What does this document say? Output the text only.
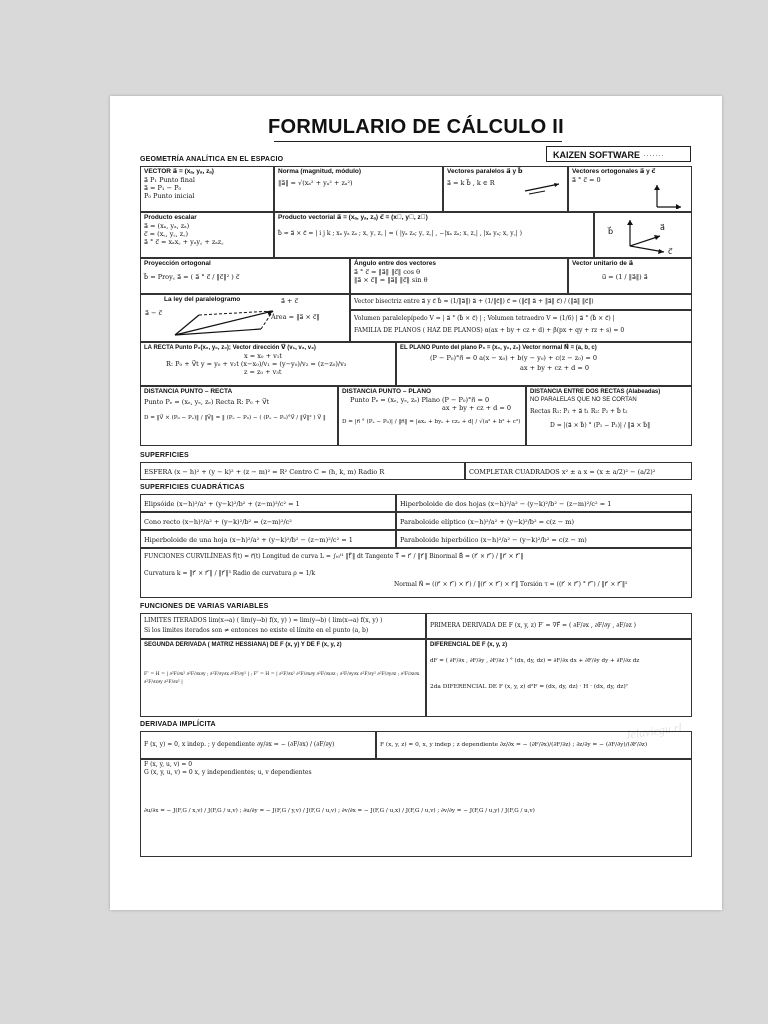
FORMULARIO DE CÁLCULO II
KAIZEN SOFTWARE ·······
GEOMETRÍA ANALÍTICA EN EL ESPACIO
VECTOR a⃗ = (xₐ, yₐ, zₐ)
a⃗ P₁ Punto final
a⃗ = P₁ − P₀
P₀ Punto inicial
Norma (magnitud, módulo)
‖a⃗‖ = √(xₐ² + yₐ² + zₐ²)
Vectores paralelos a⃗ y b⃗
a⃗ = k b⃗ , k ∈ R
Vectores ortogonales a⃗ y c⃗
a⃗ ° c⃗ = 0
Producto escalar
a⃗ = (xₐ, yₐ, zₐ)
c⃗ = (x꜀, y꜀, z꜀)
a⃗ ° c⃗ = xₐx꜀ + yₐy꜀ + zₐz꜀
Producto vectorial a⃗ = (xₐ, yₐ, zₐ) c⃗ = (x꜀, y꜀, z꜀)
b⃗ = a⃗ × c⃗ = | i j k ; xₐ yₐ zₐ ; x꜀ y꜀ z꜀ | = ( |yₐ zₐ; y꜀ z꜀| , −|xₐ zₐ; x꜀ z꜀| , |xₐ yₐ; x꜀ y꜀| )	b⃗	a⃗
c⃗
Proyección ortogonal
b⃗ = Proy꜀ a⃗ = ( a⃗ ° c⃗ / ‖c⃗‖² ) c⃗
Ángulo entre dos vectores
a⃗ ° c⃗ = ‖a⃗‖ ‖c⃗‖ cos θ
‖a⃗ × c⃗‖ = ‖a⃗‖ ‖c⃗‖ sin θ
Vector unitario de a⃗
u⃗ = (1 / ‖a⃗‖) a⃗
La ley del paralelogramo	a⃗ + c⃗
a⃗ − c⃗	Área = ‖a⃗ × c⃗‖
Vector bisectriz entre a⃗ y c⃗ b⃗ = (1/‖a⃗‖) a⃗ + (1/‖c⃗‖) c⃗ = (‖c⃗‖ a⃗ + ‖a⃗‖ c⃗) / (‖a⃗‖ ‖c⃗‖)
Volumen paralelepípedo V = | a⃗ ° (b⃗ × c⃗) | ; Volumen tetraedro V = (1/6) | a⃗ ° (b⃗ × c⃗) |
FAMILIA DE PLANOS ( HAZ DE PLANOS) α(ax + by + cz + d) + β(px + qy + rz + s) = 0
LA RECTA Punto P₀(x₀, y₀, z₀); Vector dirección V⃗ (v₁, v₂, v₃)
x = x₀ + v₁t
R: P₀ + V⃗t y = y₀ + v₂t (x−x₀)/v₁ = (y−y₀)/v₂ = (z−z₀)/v₃
z = z₀ + v₃t
EL PLANO Punto del plano P₀ = (x₀, y₀, z₀) Vector normal N⃗ = (a, b, c)
(P − P₀)°n⃗ = 0 a(x − x₀) + b(y − y₀) + c(z − z₀) = 0
ax + by + cz + d = 0
DISTANCIA PUNTO – RECTA
Punto Pₑ = (xₑ, yₑ, zₑ) Recta R: P₀ + V⃗t
D = ‖V⃗ × (P₀ − Pₑ)‖ / ‖V⃗‖ = ‖ (Pₑ − P₀) − ( (Pₑ − P₀)°V⃗ / ‖V⃗‖² ) V⃗ ‖
DISTANCIA PUNTO – PLANO
Punto Pₑ = (xₑ, yₑ, zₑ) Plano (P − P₀)°n⃗ = 0
ax + by + cz + d = 0
D = |n⃗ ° (Pₑ − P₀)| / ‖n⃗‖ = |axₑ + byₑ + czₑ + d| / √(a² + b² + c²)
DISTANCIA ENTRE DOS RECTAS (Alabeadas)
NO PARALELAS QUE NO SE CORTAN
Rectas R₁: P₁ + a⃗ t₁ R₂: P₂ + b⃗ t₂
D = |(a⃗ × b⃗) ° (P₁ − P₂)| / ‖a⃗ × b⃗‖
SUPERFICIES
ESFERA (x − h)² + (y − k)² + (z − m)² = R² Centro C = (h, k, m) Radio R	COMPLETAR CUADRADOS x² ± a x = (x ± a/2)² − (a/2)²
SUPERFICIES CUADRÁTICAS
Elipsóide (x−h)²/a² + (y−k)²/b² + (z−m)²/c² = 1	Hiperboloide de dos hojas (x−h)²/a² − (y−k)²/b² − (z−m)²/c² = 1
Cono recto (x−h)²/a² + (y−k)²/b² = (z−m)²/c²	Paraboloide elíptico (x−h)²/a² + (y−k)²/b² = c(z − m)
Hiperboloide de una hoja (x−h)²/a² + (y−k)²/b² − (z−m)²/c² = 1	Paraboloide hiperbólico (x−h)²/a² − (y−k)²/b² = c(z − m)
FUNCIONES CURVILÍNEAS f⃗(t) = r⃗(t) Longitud de curva L = ∫ₜ₀ᵗ¹ ‖f⃗′‖ dt Tangente T⃗ = r⃗′ / ‖r⃗′‖ Binormal B⃗ = (r⃗′ × r⃗″) / ‖r⃗′ × r⃗″‖
Curvatura k = ‖r⃗′ × r⃗″‖ / ‖r⃗′‖³ Radio de curvatura ρ = 1/k
Normal N⃗ = ((r⃗′ × r⃗″) × r⃗′) / ‖(r⃗′ × r⃗″) × r⃗′‖ Torsión τ = ((r⃗′ × r⃗″) ° r⃗‴) / ‖r⃗′ × r⃗″‖²
FUNCIONES DE VARIAS VARIABLES
LIMITES ITERADOS lim(x→a) ( lim(y→b) f(x, y) ) = lim(y→b) ( lim(x→a) f(x, y) )
Si los límites iterados son ≠ entonces no existe el límite en el punto (a, b)
PRIMERA DERIVADA DE F (x, y, z) F′ = ∇F⃗ = ( ∂F/∂x , ∂F/∂y , ∂F/∂z )
SEGUNDA DERIVADA ( MATRIZ HESSIANA) DE F (x, y) Y DE F (x, y, z)
F″ = H = | ∂²F/∂x² ∂²F/∂x∂y ; ∂²F/∂y∂x ∂²F/∂y² | ; F″ = H = | ∂²F/∂x² ∂²F/∂x∂y ∂²F/∂x∂z ; ∂²F/∂y∂x ∂²F/∂y² ∂²F/∂y∂z ; ∂²F/∂z∂x ∂²F/∂z∂y ∂²F/∂z² |
DIFERENCIAL DE F (x, y, z)
dF = ( ∂F/∂x , ∂F/∂y , ∂F/∂z ) ° (dx, dy, dz) = ∂F/∂x dx + ∂F/∂y dy + ∂F/∂z dz
2da DIFERENCIAL DE F (x, y, z) d²F = (dx, dy, dz) · H · (dx, dy, dz)ᵀ
DERIVADA IMPLÍCITA
F (x, y) = 0, x indep. ; y dependiente ∂y/∂x = − (∂F/∂x) / (∂F/∂y)	F (x, y, z) = 0, x, y indep ; z dependiente ∂z/∂x = − (∂F/∂x)/(∂F/∂z) ; ∂z/∂y = − (∂F/∂y)/(∂F/∂z)
F (x, y, u, v) = 0
G (x, y, u, v) = 0 x, y independientes; u, v dependientes
∂u/∂x = − J(F,G / x,v) / J(F,G / u,v) ; ∂u/∂y = − J(F,G / y,v) / J(F,G / u,v) ; ∂v/∂x = − J(F,G / u,x) / J(F,G / u,v) ; ∂v/∂y = − J(F,G / u,y) / J(F,G / u,v)
Jelaviegu.rl
